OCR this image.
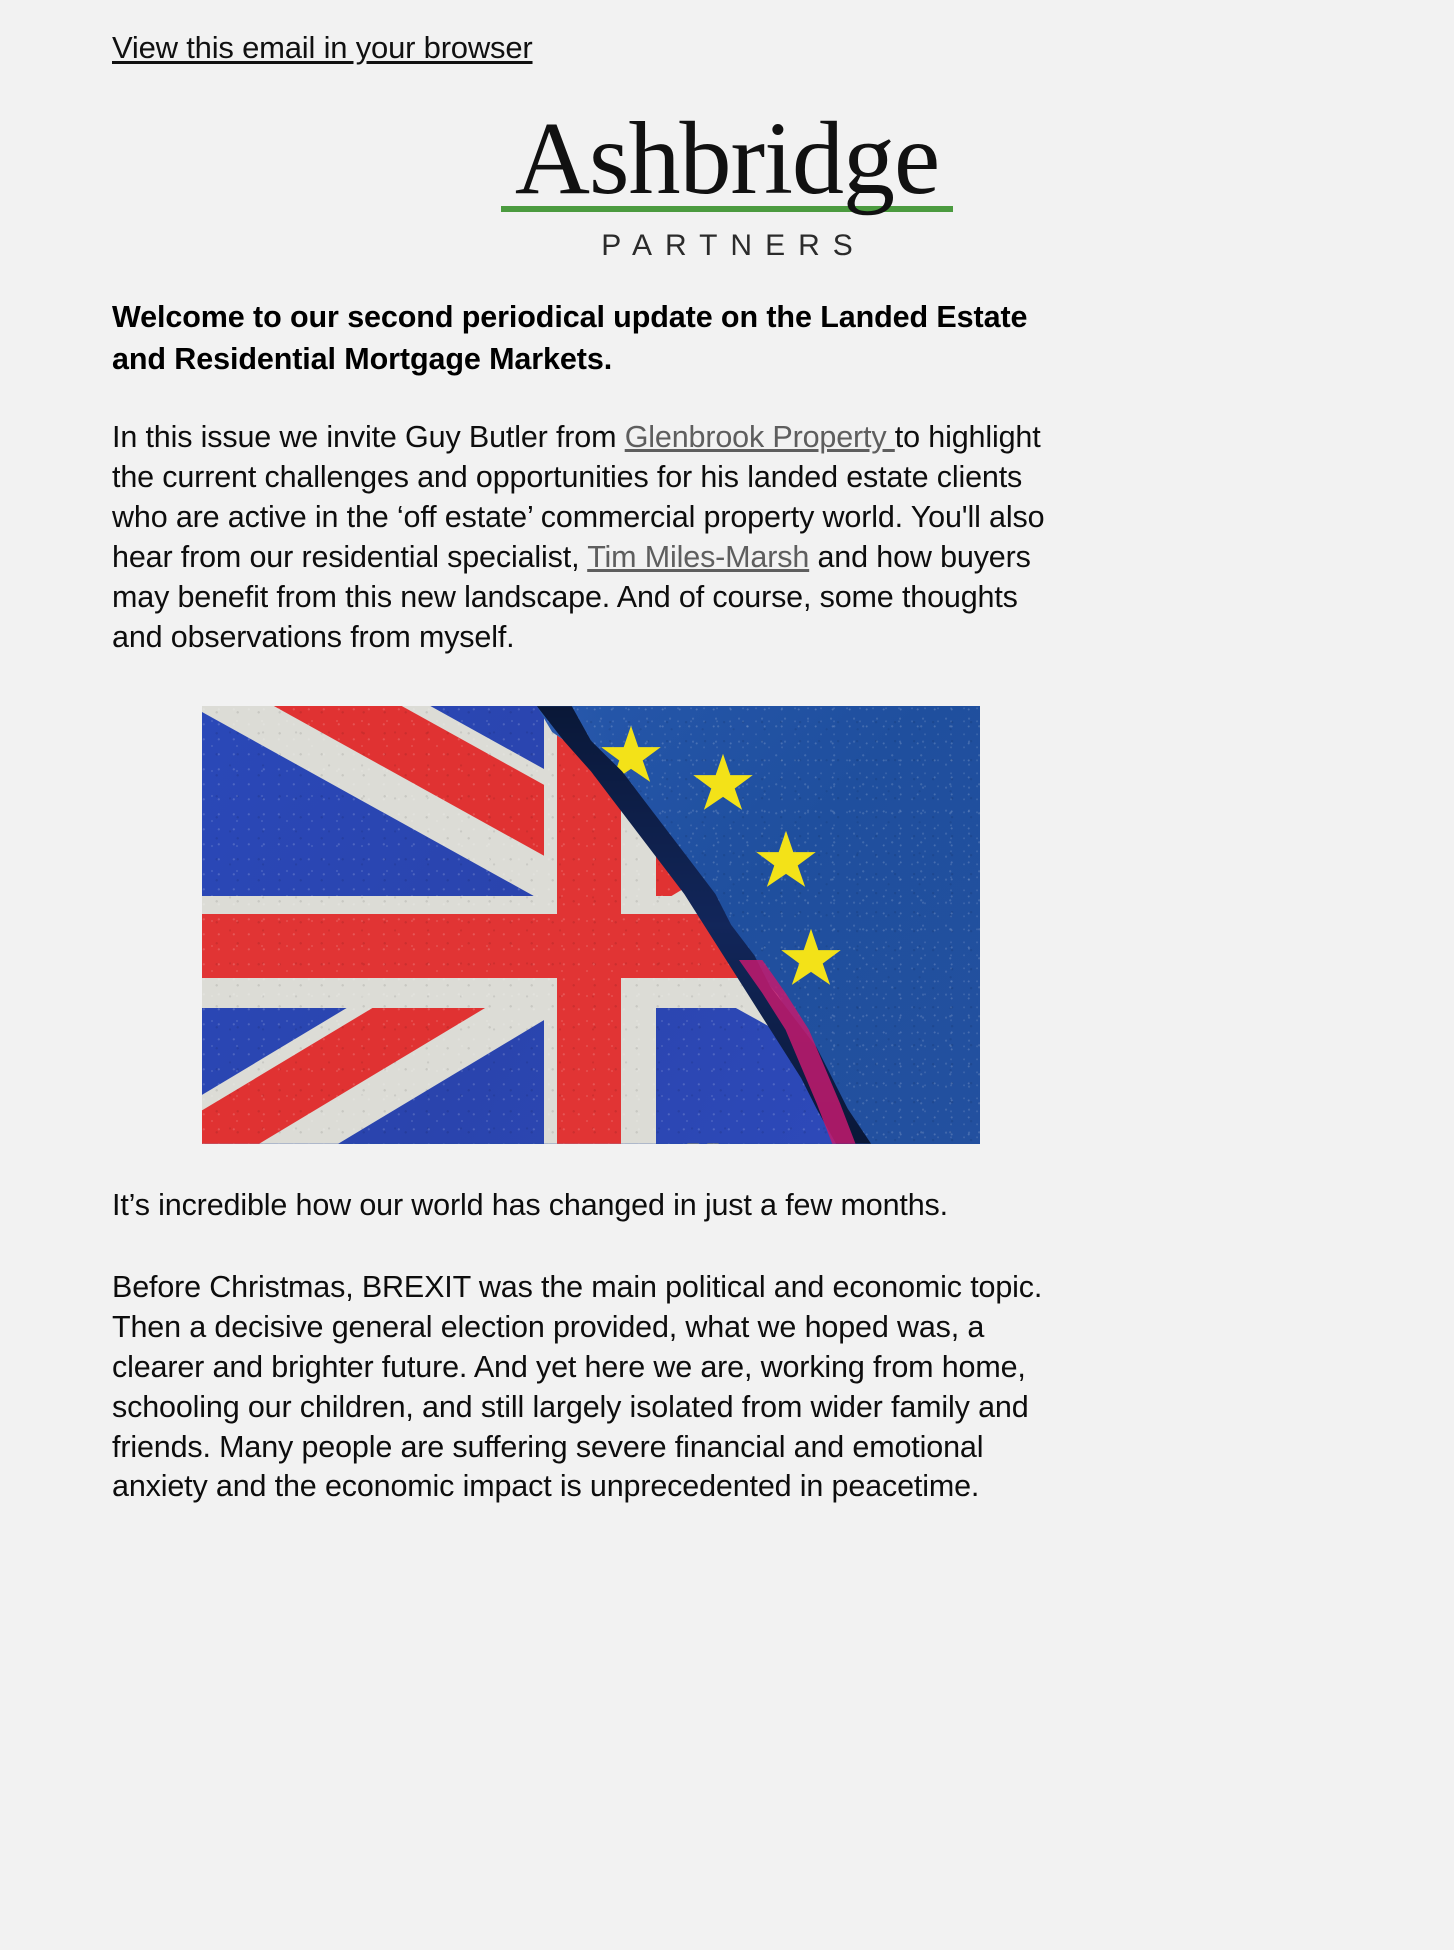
View this email in your browser
Ashbridge
PARTNERS
Welcome to our second periodical update on the Landed Estate and Residential Mortgage Markets.

In this issue we invite Guy Butler from Glenbrook Property to highlight the current challenges and opportunities for his landed estate clients who are active in the ‘off estate’ commercial property world. You'll also hear from our residential specialist, Tim Miles-Marsh and how buyers may benefit from this new landscape. And of course, some thoughts and observations from myself.

It’s incredible how our world has changed in just a few months.

Before Christmas, BREXIT was the main political and economic topic. Then a decisive general election provided, what we hoped was, a clearer and brighter future. And yet here we are, working from home, schooling our children, and still largely isolated from wider family and friends. Many people are suffering severe financial and emotional anxiety and the economic impact is unprecedented in peacetime.
